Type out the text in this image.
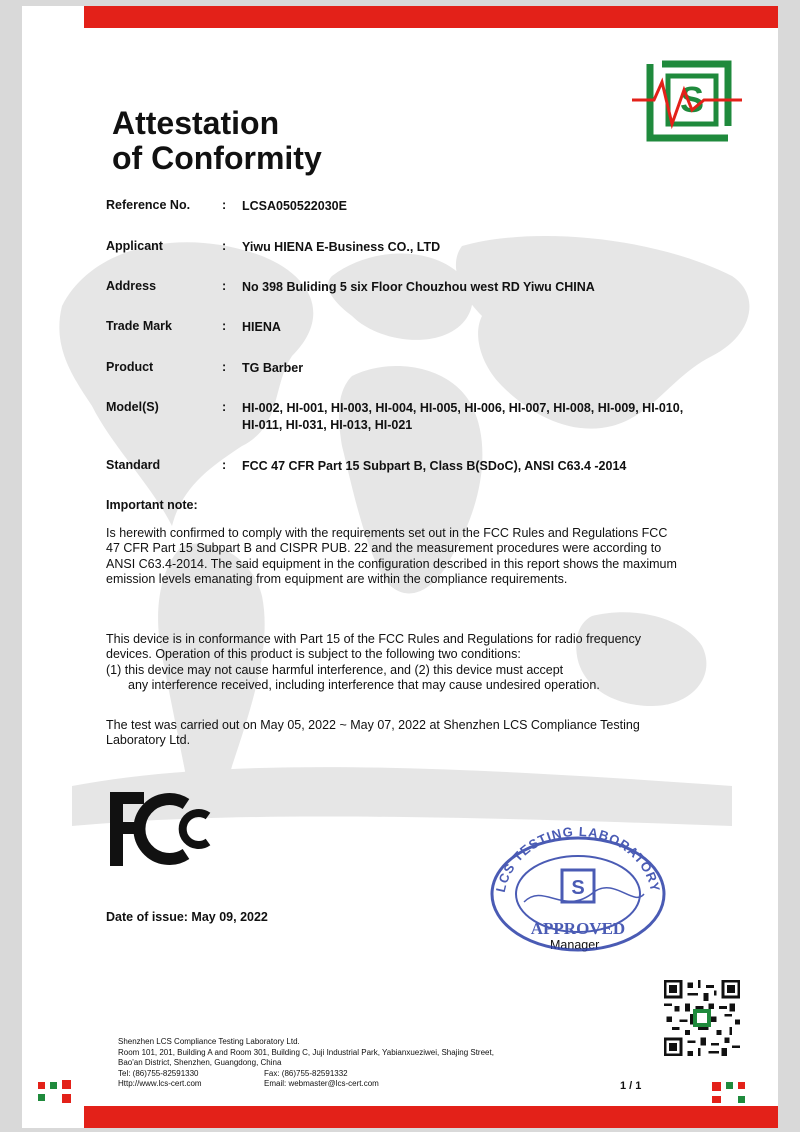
Attestation
of Conformity
S
Reference No.	: LCSA050522030E
Applicant	: Yiwu HIENA E-Business CO., LTD
Address	: No 398 Buliding 5 six Floor Chouzhou west RD Yiwu CHINA
Trade Mark	: HIENA
Product	: TG Barber
Model(S)	: HI-002, HI-001, HI-003, HI-004, HI-005, HI-006, HI-007, HI-008, HI-009, HI-010, HI-011, HI-031, HI-013, HI-021
Standard	: FCC 47 CFR Part 15 Subpart B, Class B(SDoC), ANSI C63.4 -2014
Important note:

Is herewith confirmed to comply with the requirements set out in the FCC Rules and Regulations FCC 47 CFR Part 15 Subpart B and CISPR PUB. 22 and the measurement procedures were according to ANSI C63.4-2014. The said equipment in the configuration described in this report shows the maximum emission levels emanating from equipment are within the compliance requirements.

This device is in conformance with Part 15 of the FCC Rules and Regulations for radio frequency devices. Operation of this product is subject to the following two conditions:
(1) this device may not cause harmful interference, and (2) this device must accept
any interference received, including interference that may cause undesired operation.

The test was carried out on May 05, 2022 ~ May 07, 2022 at Shenzhen LCS Compliance Testing Laboratory Ltd.

FCC
Date of issue: May 09, 2022
LCS TESTING LABORATORY
S
APPROVED
Manager
Shenzhen LCS Compliance Testing Laboratory Ltd.
Room 101, 201, Building A and Room 301, Building C, Juji Industrial Park, Yabianxueziwei, Shajing Street,
Bao'an District, Shenzhen, Guangdong, China
Tel: (86)755-82591330	Fax: (86)755-82591332
Http://www.lcs-cert.com	Email: webmaster@lcs-cert.com	1 / 1
